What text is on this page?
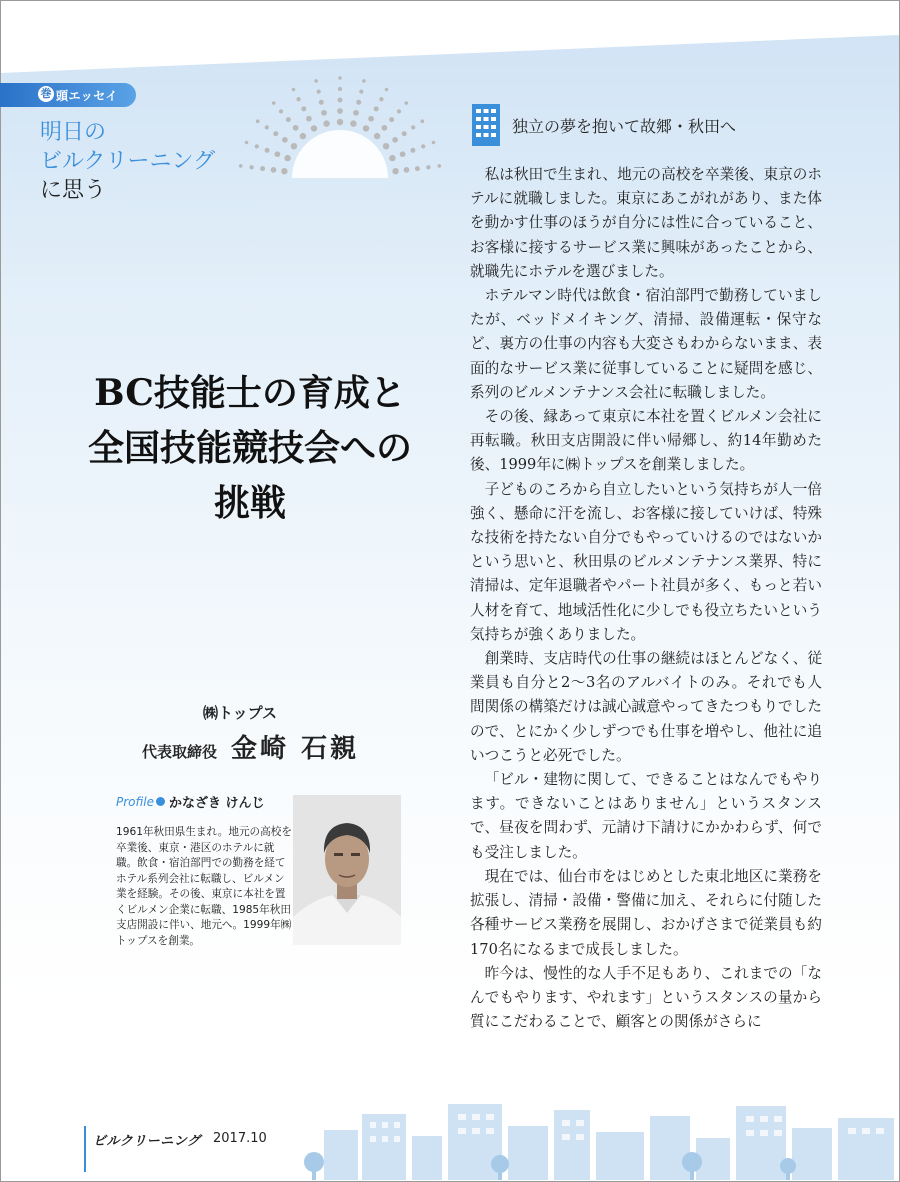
巻 頭エッセイ
明日の
ビルクリーニング
に思う
独立の夢を抱いて故郷・秋田へ
BC技能士の育成と
全国技能競技会への
挑戦
㈱トップス
代表取締役 金崎 石親
Profile かなざき けんじ
1961年秋田県生まれ。地元の高校を卒業後、東京・港区のホテルに就職。飲食・宿泊部門での勤務を経てホテル系列会社に転職し、ビルメン業を経験。その後、東京に本社を置くビルメン企業に転職、1985年秋田支店開設に伴い、地元へ。1999年㈱トップスを創業。

私は秋田で生まれ、地元の高校を卒業後、東京のホテルに就職しました。東京にあこがれがあり、また体を動かす仕事のほうが自分には性に合っていること、お客様に接するサービス業に興味があったことから、就職先にホテルを選びました。

ホテルマン時代は飲食・宿泊部門で勤務していましたが、ベッドメイキング、清掃、設備運転・保守など、裏方の仕事の内容も大変さもわからないまま、表面的なサービス業に従事していることに疑問を感じ、系列のビルメンテナンス会社に転職しました。

その後、縁あって東京に本社を置くビルメン会社に再転職。秋田支店開設に伴い帰郷し、約14年勤めた後、1999年に㈱トップスを創業しました。

子どものころから自立したいという気持ちが人一倍強く、懸命に汗を流し、お客様に接していけば、特殊な技術を持たない自分でもやっていけるのではないかという思いと、秋田県のビルメンテナンス業界、特に清掃は、定年退職者やパート社員が多く、もっと若い人材を育て、地域活性化に少しでも役立ちたいという気持ちが強くありました。

創業時、支店時代の仕事の継続はほとんどなく、従業員も自分と2～3名のアルバイトのみ。それでも人間関係の構築だけは誠心誠意やってきたつもりでしたので、とにかく少しずつでも仕事を増やし、他社に追いつこうと必死でした。

「ビル・建物に関して、できることはなんでもやります。できないことはありません」というスタンスで、昼夜を問わず、元請け下請けにかかわらず、何でも受注しました。

現在では、仙台市をはじめとした東北地区に業務を拡張し、清掃・設備・警備に加え、それらに付随した各種サービス業務を展開し、おかげさまで従業員も約170名になるまで成長しました。

昨今は、慢性的な人手不足もあり、これまでの「なんでもやります、やれます」というスタンスの量から質にこだわることで、顧客との関係がさらに

ビルクリーニング 2017.10
